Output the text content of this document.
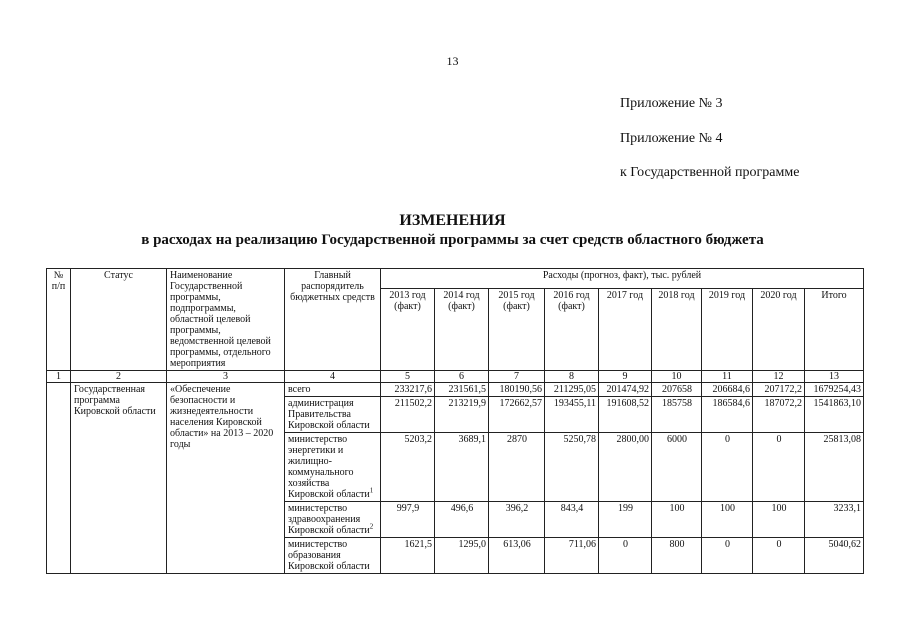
13
Приложение № 3
Приложение № 4
к Государственной программе
ИЗМЕНЕНИЯ
в расходах на реализацию Государственной программы за счет средств областного бюджета
№ п/п	Статус	Наименование Государственной программы, подпрограммы, областной целевой программы, ведомственной целевой программы, отдельного мероприятия	Главный распорядитель бюджетных средств	Расходы (прогноз, факт), тыс. рублей								
				2013 год (факт)	2014 год (факт)	2015 год (факт)	2016 год (факт)	2017 год	2018 год	2019 год	2020 год	Итого
1	2	3	4	5	6	7	8	9	10	11	12	13
	Государственная программа Кировской области	«Обеспечение безопасности и жизнедеятельности населения Кировской области» на 2013 – 2020 годы	всего	233217,6	231561,5	180190,56	211295,05	201474,92	207658	206684,6	207172,2	1679254,43
			администрация Правительства Кировской области	211502,2	213219,9	172662,57	193455,11	191608,52	185758	186584,6	187072,2	1541863,10
			министерство энергетики и жилищно-коммунального хозяйства Кировской области$^1$	5203,2	3689,1	2870	5250,78	2800,00	6000	0	0	25813,08
			министерство здравоохранения Кировской области$^2$	997,9	496,6	396,2	843,4	199	100	100	100	3233,1
			министерство образования Кировской области	1621,5	1295,0	613,06	711,06	0	800	0	0	5040,62
